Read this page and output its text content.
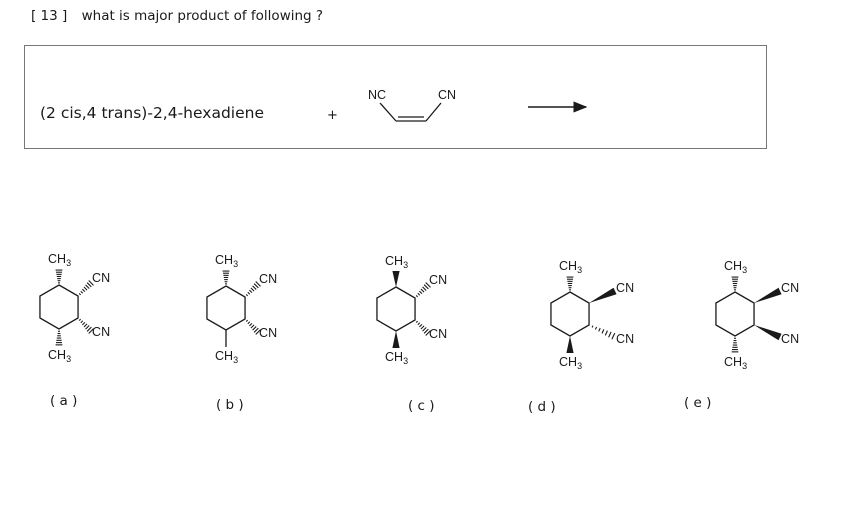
[ 13 ] what is major product of following ?
(2 cis,4 trans)-2,4-hexadiene	+
NC	CN
$CH_3$
$CH_3$
CN
CN
$CH_3$
$CH_3$
CN
CN
$CH_3$
$CH_3$
CN
CN
$CH_3$
$CH_3$
CN
CN
$CH_3$
$CH_3$
CN
CN
( a )	( b )	( c )	( d )	( e )
